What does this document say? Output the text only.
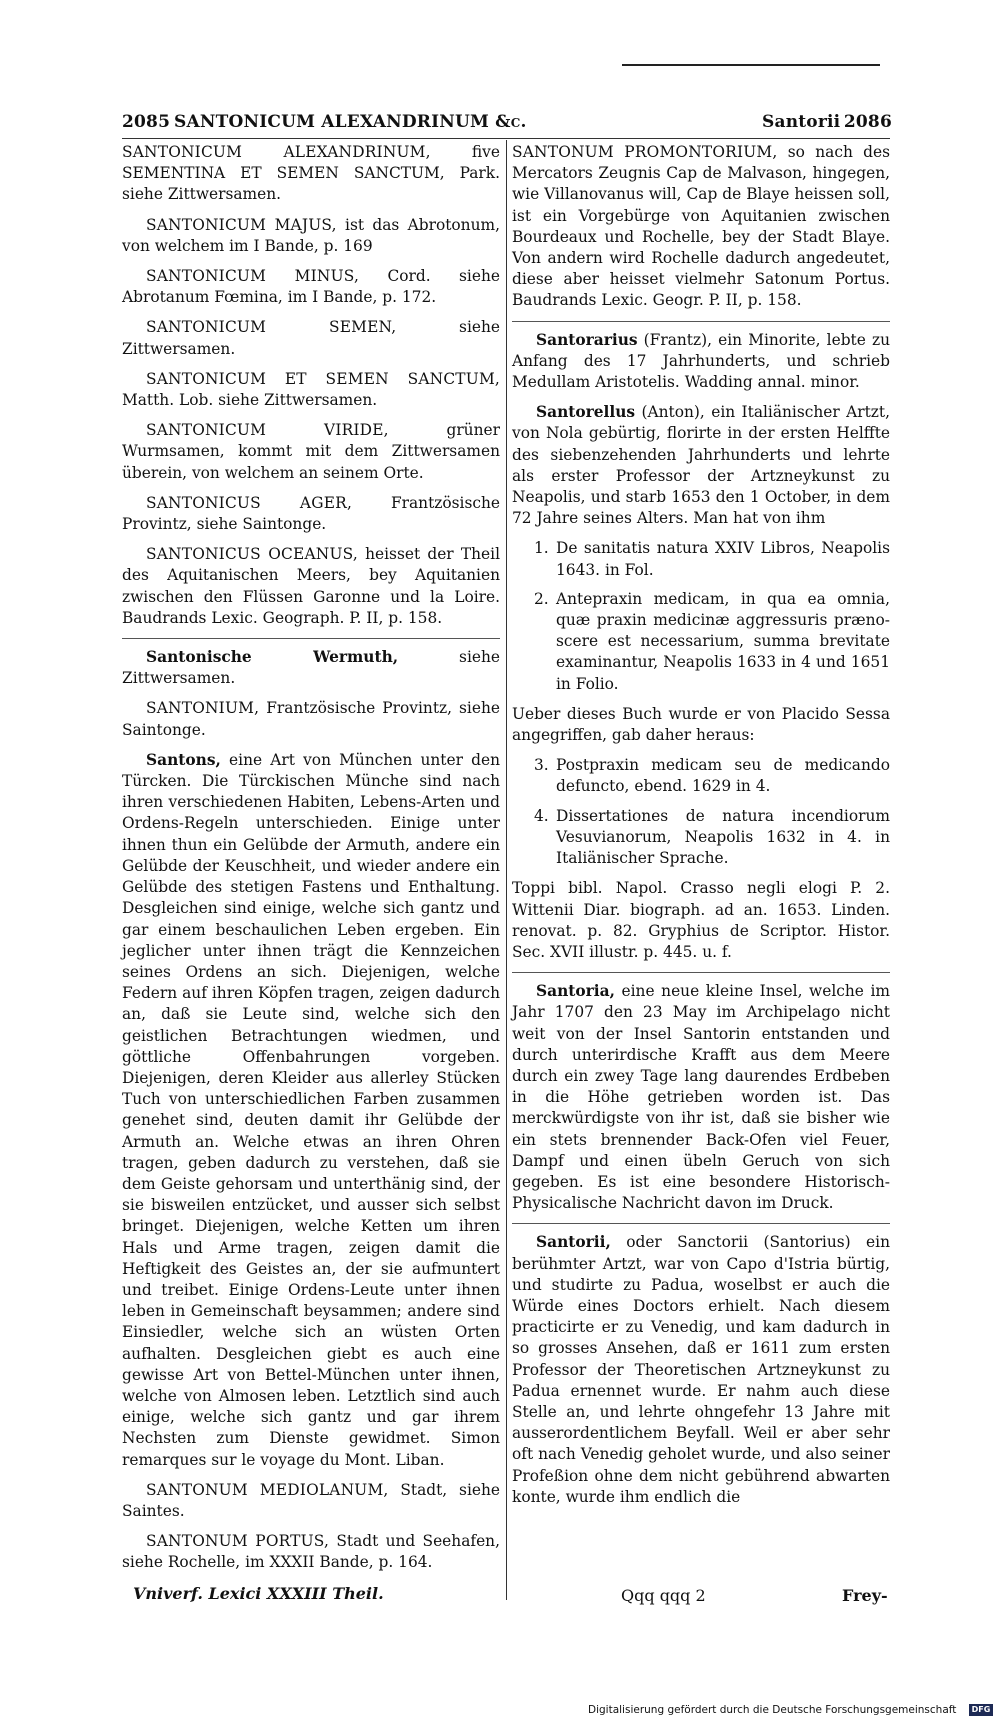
2085 SANTONICUM ALEXANDRINUM &c.	Santorii 2086

SANTONICUM ALEXANDRINUM, five SEMENTINA ET SEMEN SANCTUM, Park. siehe Zittwersamen.

SANTONICUM MAJUS, ist das Abrotonum, von welchem im I Bande, p. 169

SANTONICUM MINUS, Cord. siehe Abrotanum Fœmina, im I Bande, p. 172.

SANTONICUM SEMEN, siehe Zittwersamen.

SANTONICUM ET SEMEN SANCTUM, Matth. Lob. siehe Zittwersamen.

SANTONICUM VIRIDE, grüner Wurmsamen, kommt mit dem Zittwersamen überein, von welchem an seinem Orte.

SANTONICUS AGER, Frantzösische Provintz, siehe Saintonge.

SANTONICUS OCEANUS, heisset der Theil des Aquitanischen Meers, bey Aquitanien zwischen den Flüssen Garonne und la Loire. Baudrands Lexic. Geograph. P. II, p. 158.

Santonische Wermuth, siehe Zittwersamen.

SANTONIUM, Frantzösische Provintz, siehe Saintonge.

Santons, eine Art von München unter den Türcken. Die Türckischen Münche sind nach ihren verschiedenen Habiten, Lebens-Arten und Ordens-Regeln unterschieden. Einige unter ihnen thun ein Gelübde der Armuth, andere ein Gelübde der Keuschheit, und wieder andere ein Gelübde des stetigen Fastens und Enthaltung. Desgleichen sind einige, welche sich gantz und gar einem beschaulichen Leben ergeben. Ein jeglicher unter ihnen trägt die Kennzeichen seines Ordens an sich. Diejenigen, welche Federn auf ihren Köpfen tragen, zeigen dadurch an, daß sie Leute sind, welche sich den geistlichen Betrachtungen wiedmen, und göttliche Offenbahrungen vorgeben. Diejenigen, deren Kleider aus allerley Stücken Tuch von unterschiedlichen Farben zusammen genehet sind, deuten damit ihr Gelübde der Armuth an. Welche etwas an ihren Ohren tragen, geben dadurch zu verstehen, daß sie dem Geiste gehorsam und unterthänig sind, der sie bisweilen entzücket, und ausser sich selbst bringet. Diejenigen, welche Ketten um ihren Hals und Arme tragen, zeigen damit die Heftigkeit des Geistes an, der sie aufmuntert und treibet. Einige Ordens-Leute unter ihnen leben in Gemeinschaft beysammen; andere sind Einsiedler, welche sich an wüsten Orten aufhalten. Desgleichen giebt es auch eine gewisse Art von Bettel-München unter ihnen, welche von Almosen leben. Letztlich sind auch einige, welche sich gantz und gar ihrem Nechsten zum Dienste gewidmet. Simon remarques sur le voyage du Mont. Liban.

SANTONUM MEDIOLANUM, Stadt, siehe Saintes.

SANTONUM PORTUS, Stadt und Seehafen, siehe Rochelle, im XXXII Bande, p. 164.

SANTONUM PROMONTORIUM, so nach des Mercators Zeugnis Cap de Malvason, hingegen, wie Villanovanus will, Cap de Blaye heissen soll, ist ein Vorgebürge von Aquitanien zwischen Bourdeaux und Rochelle, bey der Stadt Blaye. Von andern wird Rochelle dadurch angedeutet, diese aber heisset vielmehr Satonum Portus. Baudrands Lexic. Geogr. P. II, p. 158.

Santorarius (Frantz), ein Minorite, lebte zu Anfang des 17 Jahrhunderts, und schrieb Medullam Aristotelis. Wadding annal. minor.

Santorellus (Anton), ein Italiänischer Artzt, von Nola gebürtig, florirte in der ersten Helffte des siebenzehenden Jahrhunderts und lehrte als erster Professor der Artzneykunst zu Neapolis, und starb 1653 den 1 October, in dem 72 Jahre seines Alters. Man hat von ihm

1. De sanitatis natura XXIV Libros, Neapolis 1643. in Fol.
2. Antepraxin medicam, in qua ea omnia, quæ praxin medicinæ aggressuris præno-scere est necessarium, summa brevitate examinantur, Neapolis 1633 in 4 und 1651 in Folio.

Ueber dieses Buch wurde er von Placido Sessa angegriffen, gab daher heraus:

3. Postpraxin medicam seu de medicando defuncto, ebend. 1629 in 4.
4. Dissertationes de natura incendiorum Vesuvianorum, Neapolis 1632 in 4. in Italiänischer Sprache.

Toppi bibl. Napol. Crasso negli elogi P. 2. Wittenii Diar. biograph. ad an. 1653. Linden. renovat. p. 82. Gryphius de Scriptor. Histor. Sec. XVII illustr. p. 445. u. f.

Santoria, eine neue kleine Insel, welche im Jahr 1707 den 23 May im Archipelago nicht weit von der Insel Santorin entstanden und durch unterirdische Krafft aus dem Meere durch ein zwey Tage lang daurendes Erdbeben in die Höhe getrieben worden ist. Das merckwürdigste von ihr ist, daß sie bisher wie ein stets brennender Back-Ofen viel Feuer, Dampf und einen übeln Geruch von sich gegeben. Es ist eine besondere Historisch-Physicalische Nachricht davon im Druck.

Santorii, oder Sanctorii (Santorius) ein berühmter Artzt, war von Capo d'Istria bürtig, und studirte zu Padua, woselbst er auch die Würde eines Doctors erhielt. Nach diesem practicirte er zu Venedig, und kam dadurch in so grosses Ansehen, daß er 1611 zum ersten Professor der Theoretischen Artzneykunst zu Padua ernennet wurde. Er nahm auch diese Stelle an, und lehrte ohngefehr 13 Jahre mit ausserordentlichem Beyfall. Weil er aber sehr oft nach Venedig geholet wurde, und also seiner Profeßion ohne dem nicht gebührend abwarten konte, wurde ihm endlich die

Vniverf. Lexici XXXIII Theil.	Qqq qqq 2	Frey-
Digitalisierung gefördert durch die Deutsche Forschungsgemeinschaft	DFG
